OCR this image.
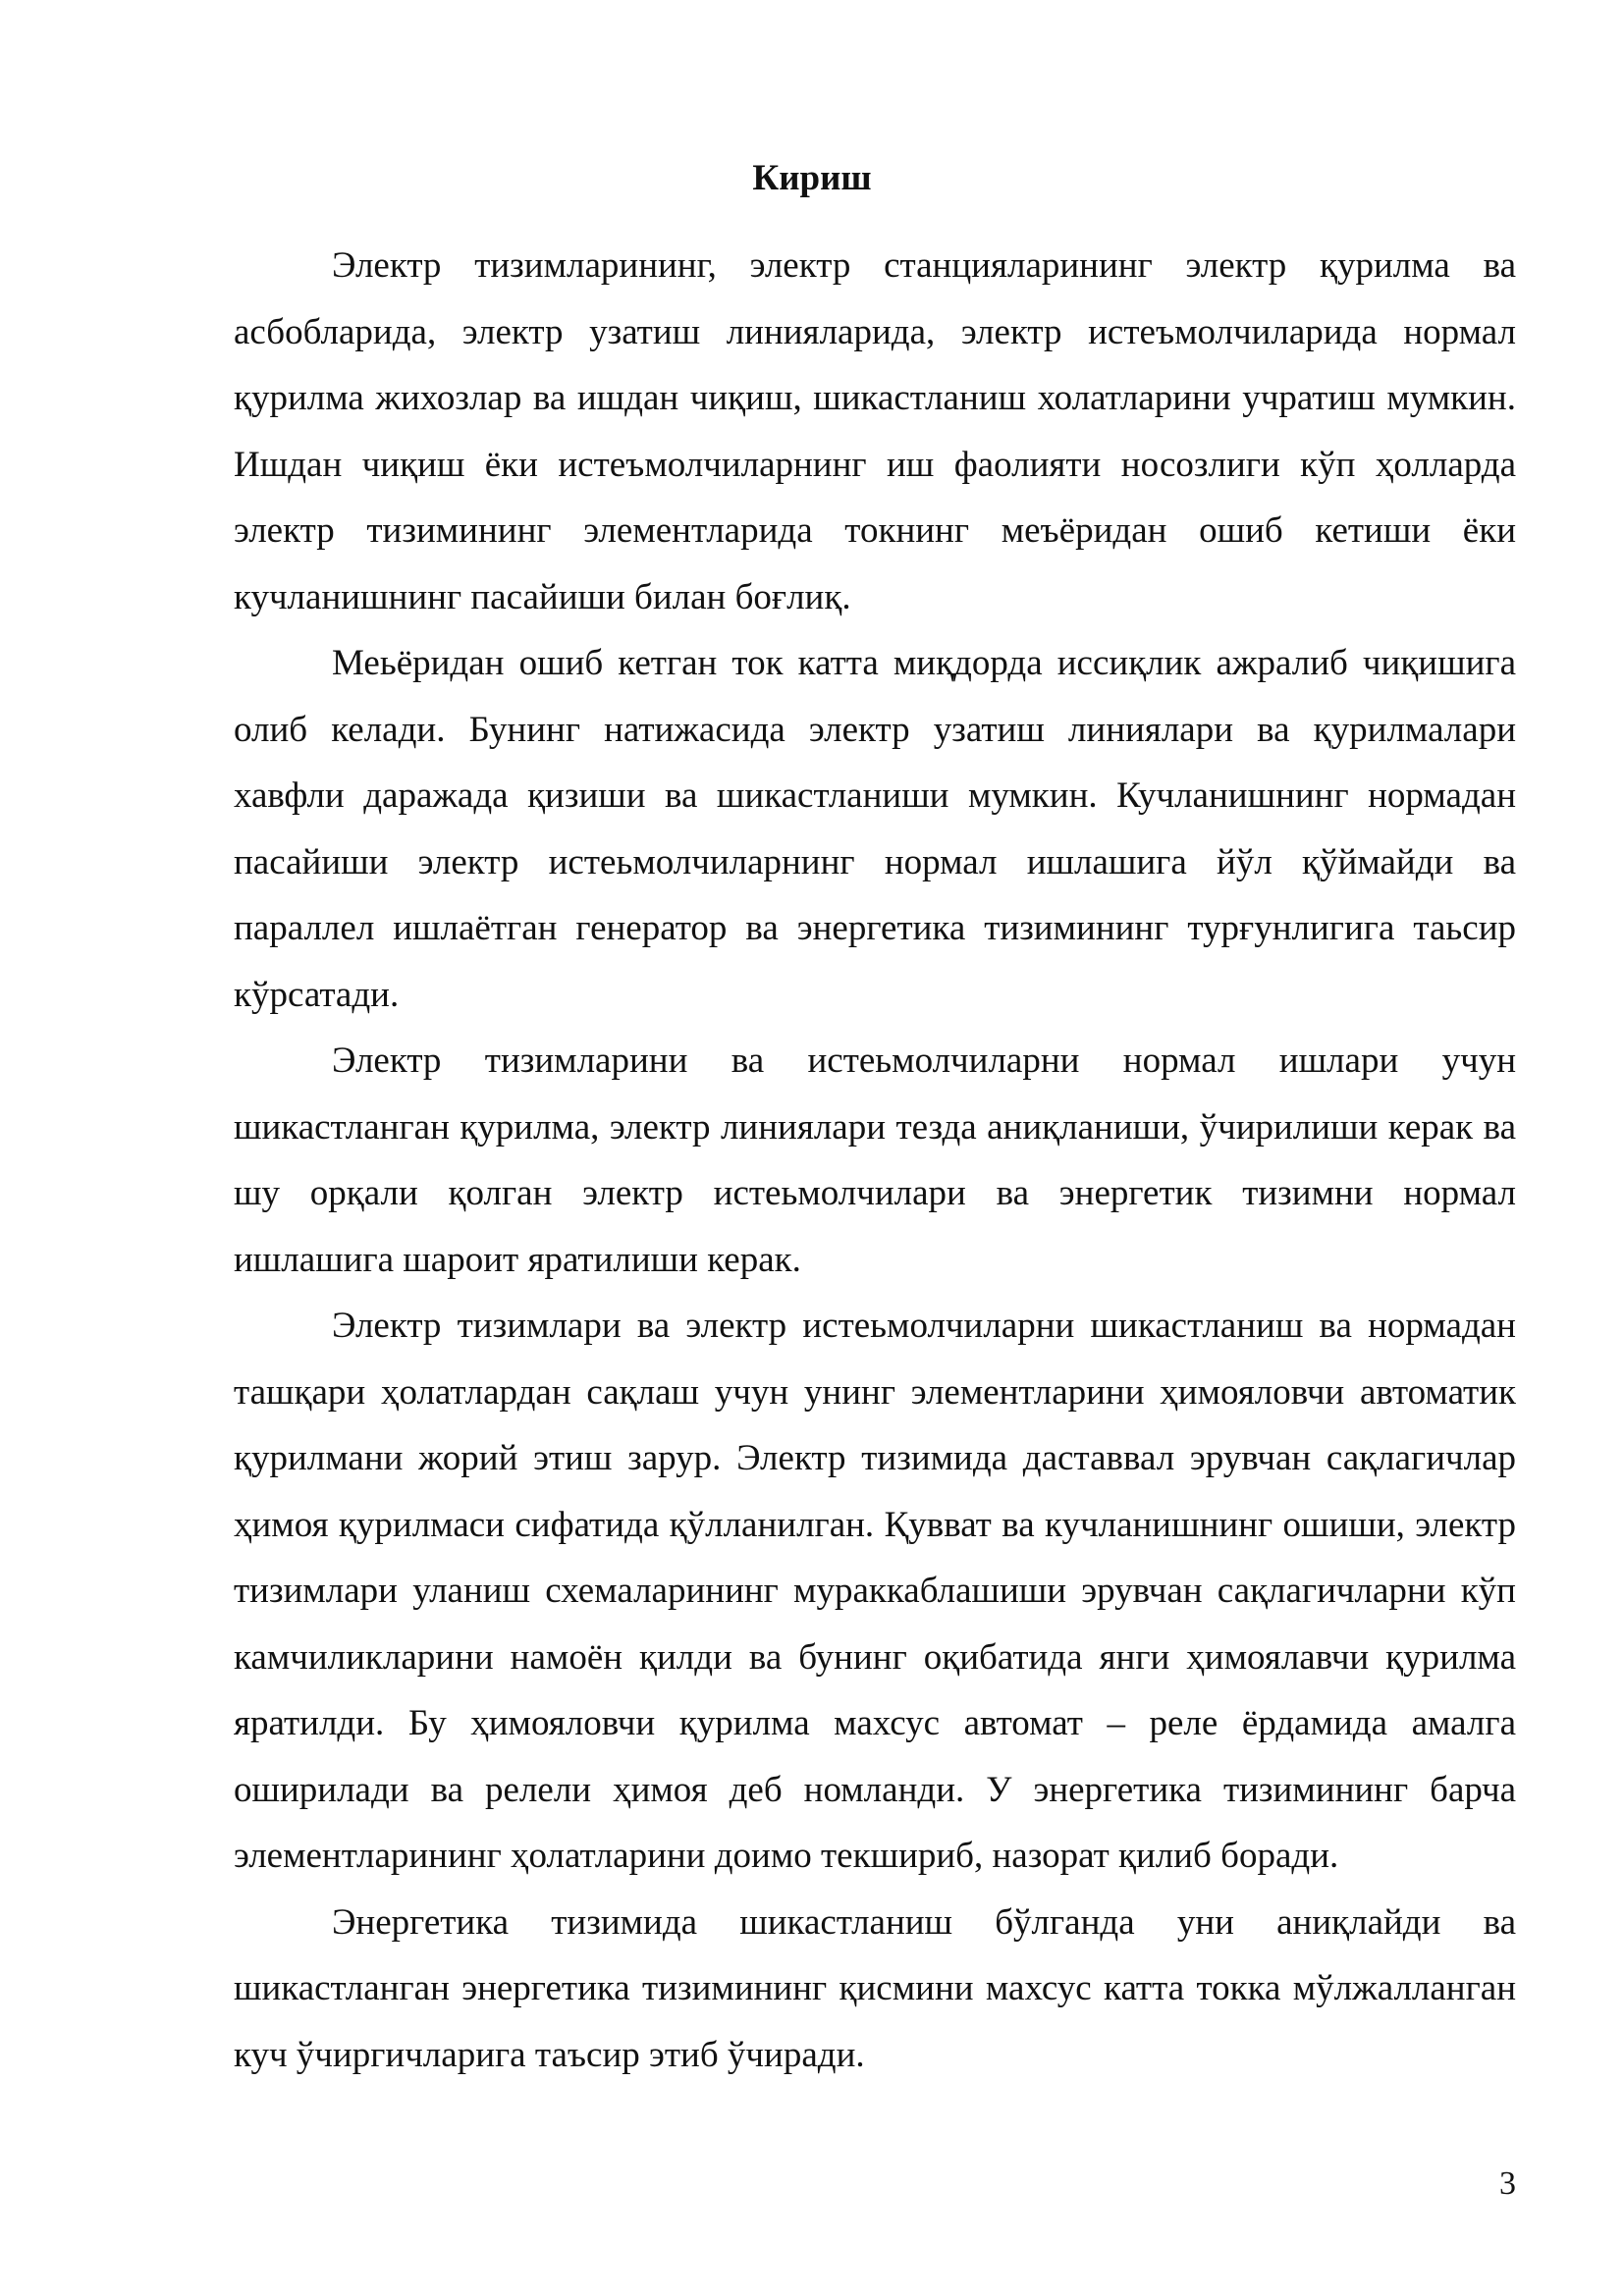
Кириш

Электр тизимларининг, электр станцияларининг электр қурилма ва асбобларида, электр узатиш линияларида, электр истеъмолчиларида нормал қурилма жихозлар ва ишдан чиқиш, шикастланиш холатларини учратиш мумкин. Ишдан чиқиш ёки истеъмолчиларнинг иш фаолияти носозлиги кўп ҳолларда электр тизимининг элементларида токнинг меъёридан ошиб кетиши ёки кучланишнинг пасайиши билан боғлиқ.

Меьёридан ошиб кетган ток катта миқдорда иссиқлик ажралиб чиқишига олиб келади. Бунинг натижасида электр узатиш линиялари ва қурилмалари хавфли даражада қизиши ва шикастланиши мумкин. Кучланишнинг нормадан пасайиши электр истеьмолчиларнинг нормал ишлашига йўл қўймайди ва параллел ишлаётган генератор ва энергетика тизимининг турғунлигига таьсир кўрсатади.

Электр тизимларини ва истеьмолчиларни нормал ишлари учун шикастланган қурилма, электр линиялари тезда аниқланиши, ўчирилиши керак ва шу орқали қолган электр истеьмолчилари ва энергетик тизимни нормал ишлашига шароит яратилиши керак.

Электр тизимлари ва электр истеьмолчиларни шикастланиш ва нормадан ташқари ҳолатлардан сақлаш учун унинг элементларини ҳимояловчи автоматик қурилмани жорий этиш зарур. Электр тизимида даставвал эрувчан сақлагичлар ҳимоя қурилмаси сифатида қўлланилган. Қувват ва кучланишнинг ошиши, электр тизимлари уланиш схемаларининг мураккаблашиши эрувчан сақлагичларни кўп камчиликларини намоён қилди ва бунинг оқибатида янги ҳимоялавчи қурилма яратилди. Бу ҳимояловчи қурилма махсус автомат – реле ёрдамида амалга оширилади ва релели ҳимоя деб номланди. У энергетика тизимининг барча элементларининг ҳолатларини доимо текшириб, назорат қилиб боради.

Энергетика тизимида шикастланиш бўлганда уни аниқлайди ва шикастланган энергетика тизимининг қисмини махсус катта токка мўлжалланган куч ўчиргичларига таъсир этиб ўчиради.

3
